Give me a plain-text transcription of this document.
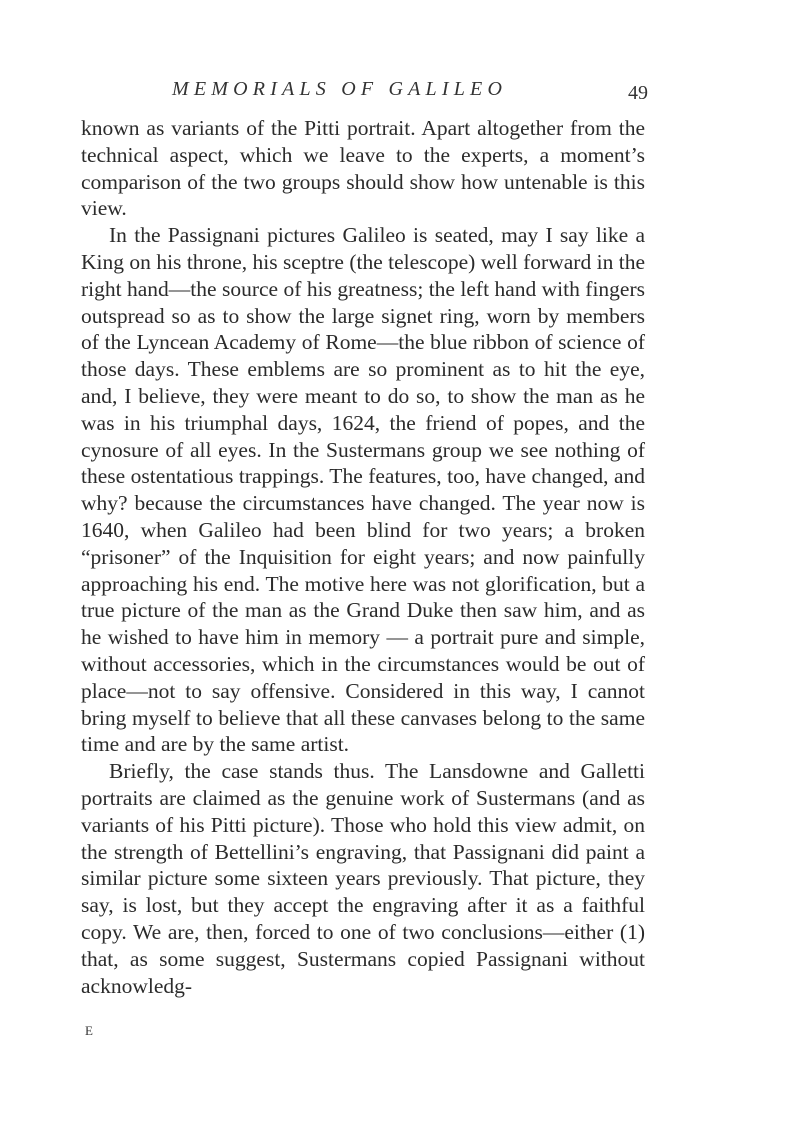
MEMORIALS OF GALILEO	49

known as variants of the Pitti portrait. Apart altogether from the technical aspect, which we leave to the experts, a moment’s comparison of the two groups should show how untenable is this view.

In the Passignani pictures Galileo is seated, may I say like a King on his throne, his sceptre (the telescope) well forward in the right hand—the source of his greatness; the left hand with fingers outspread so as to show the large signet ring, worn by members of the Lyncean Academy of Rome—the blue ribbon of science of those days. These emblems are so prominent as to hit the eye, and, I believe, they were meant to do so, to show the man as he was in his triumphal days, 1624, the friend of popes, and the cynosure of all eyes. In the Sustermans group we see nothing of these ostentatious trappings. The features, too, have changed, and why? because the circumstances have changed. The year now is 1640, when Galileo had been blind for two years; a broken “prisoner” of the Inquisition for eight years; and now painfully approaching his end. The motive here was not glorification, but a true picture of the man as the Grand Duke then saw him, and as he wished to have him in memory — a portrait pure and simple, without accessories, which in the circumstances would be out of place—not to say offensive. Considered in this way, I cannot bring myself to believe that all these canvases belong to the same time and are by the same artist.

Briefly, the case stands thus. The Lansdowne and Galletti portraits are claimed as the genuine work of Sustermans (and as variants of his Pitti picture). Those who hold this view admit, on the strength of Bettellini’s engraving, that Passignani did paint a similar picture some sixteen years previously. That picture, they say, is lost, but they accept the engraving after it as a faithful copy. We are, then, forced to one of two conclusions—either (1) that, as some suggest, Sustermans copied Passignani without acknowledg-

E
